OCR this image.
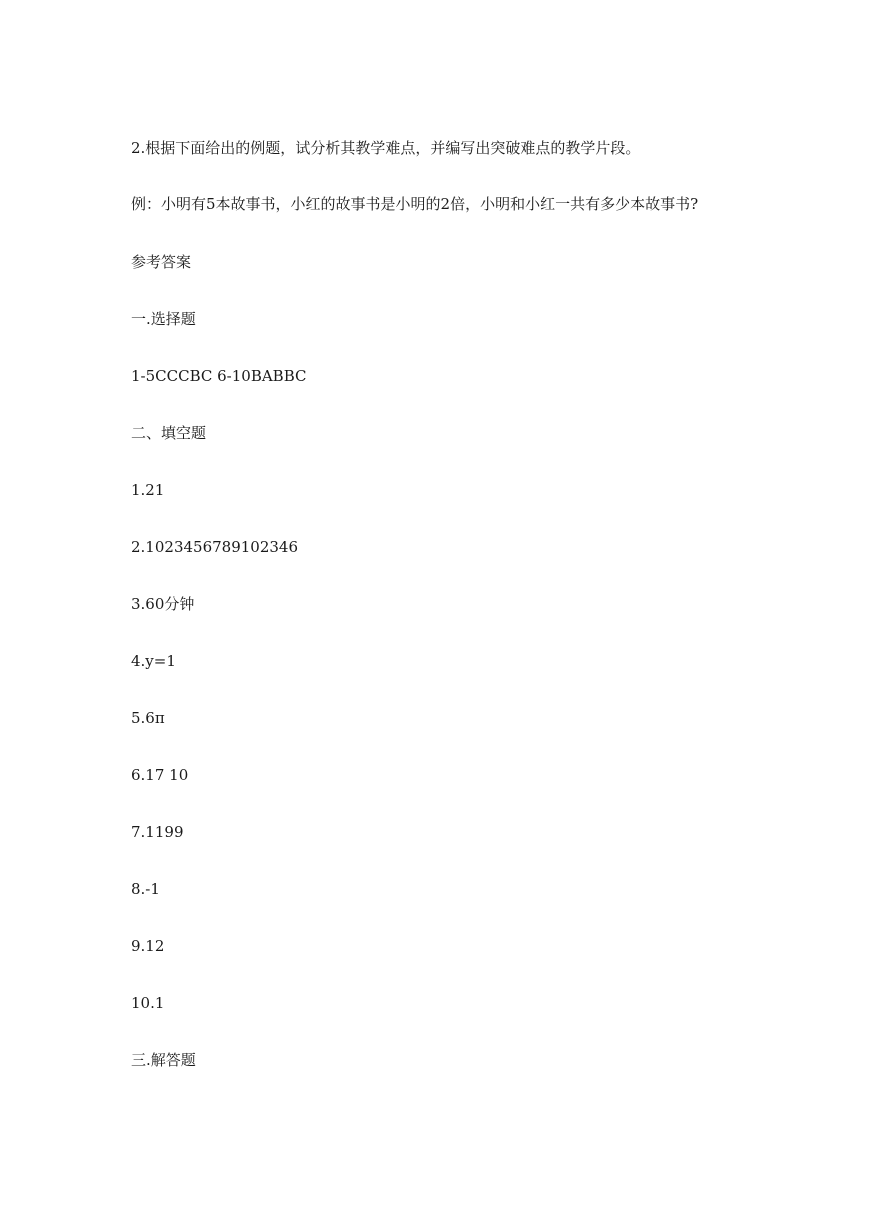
2.根据下面给出的例题，试分析其教学难点，并编写出突破难点的教学片段。
例：小明有5本故事书，小红的故事书是小明的2倍，小明和小红一共有多少本故事书?
参考答案
一.选择题
1-5CCCBC 6-10BABBC
二、填空题
1.21
2.1023456789102346
3.60分钟
4.y=1
5.6π
6.17 10
7.1199
8.-1
9.12
10.1
三.解答题
